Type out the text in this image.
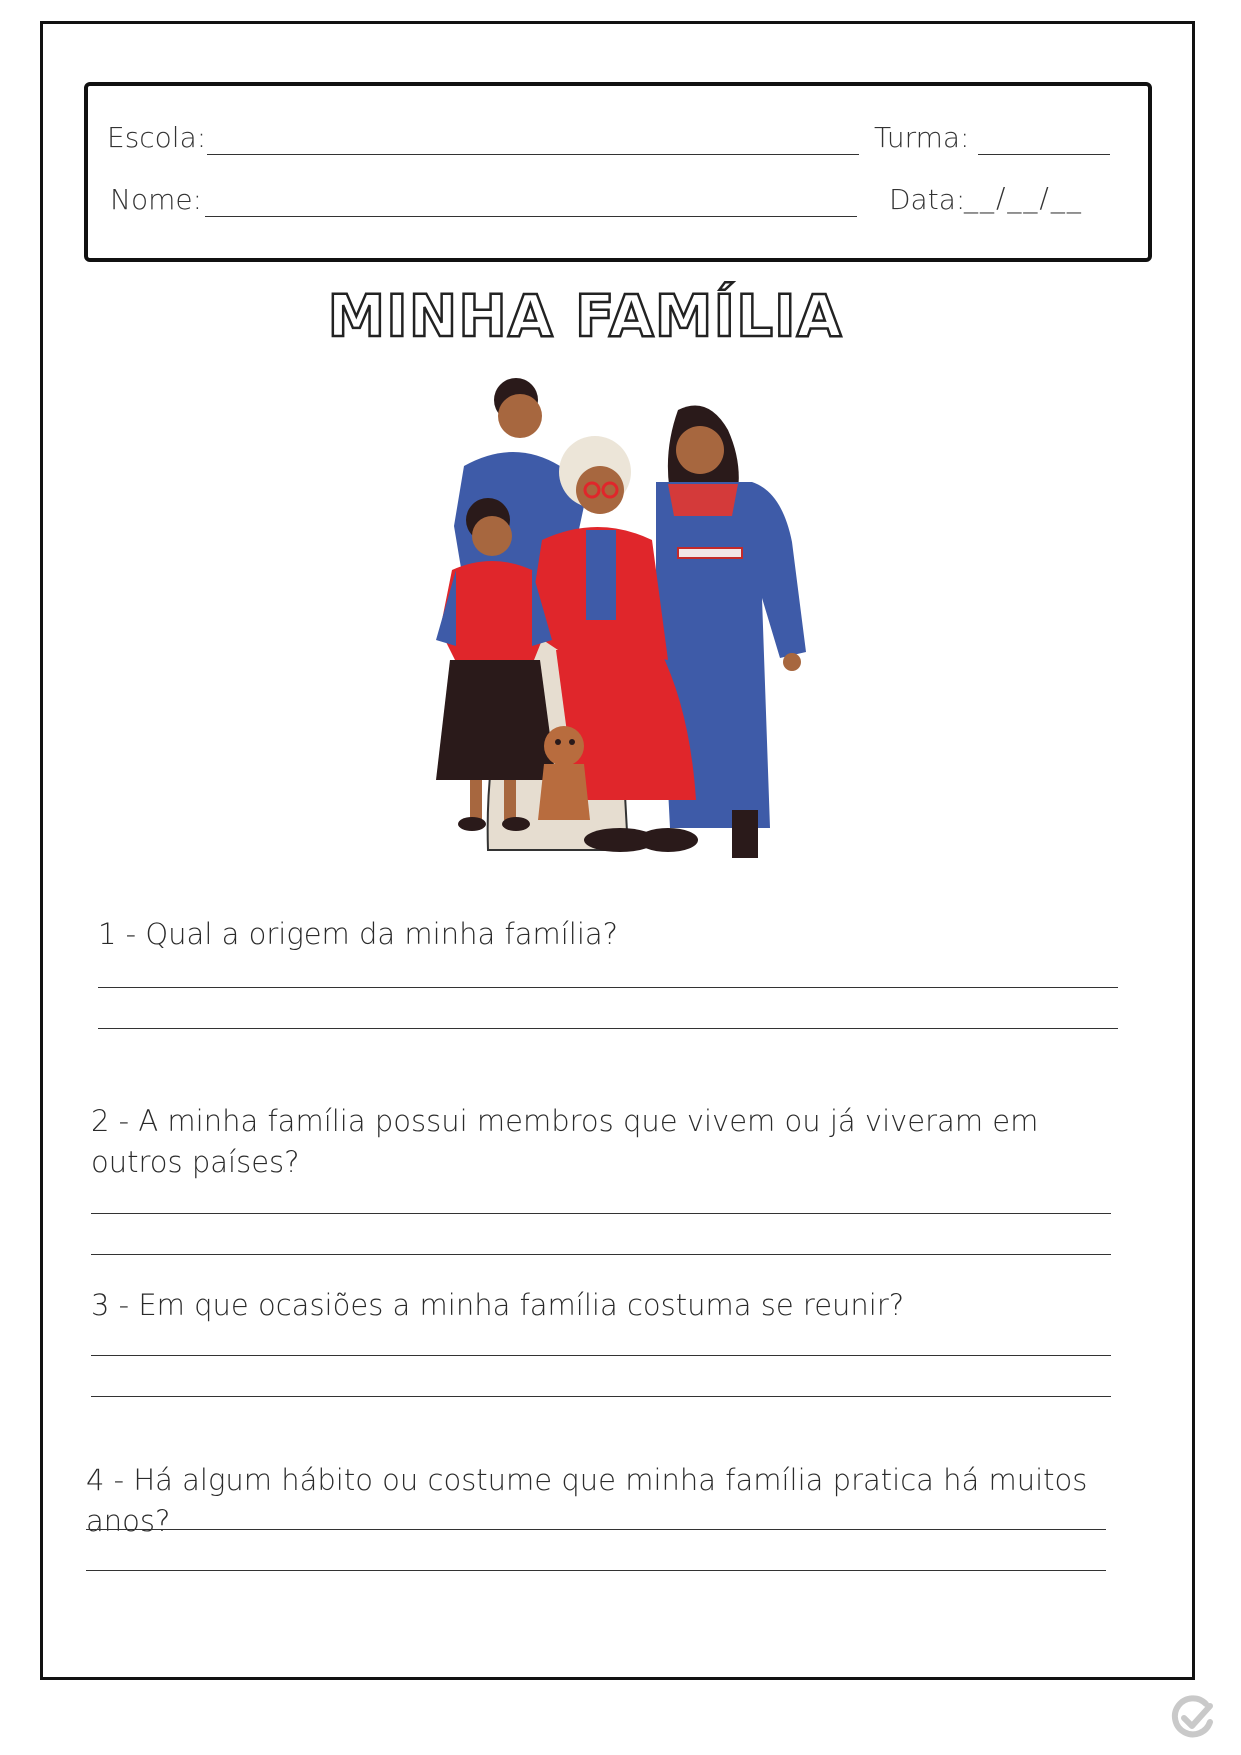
Escola:	Turma:
Nome:	Data:
__/__/__
MINHA FAMÍLIA
1 - Qual a origem da minha família?
2 - A minha família possui membros que vivem ou já viveram em outros países?
3 - Em que ocasiões a minha família costuma se reunir?
4 - Há algum hábito ou costume que minha família pratica há muitos anos?
